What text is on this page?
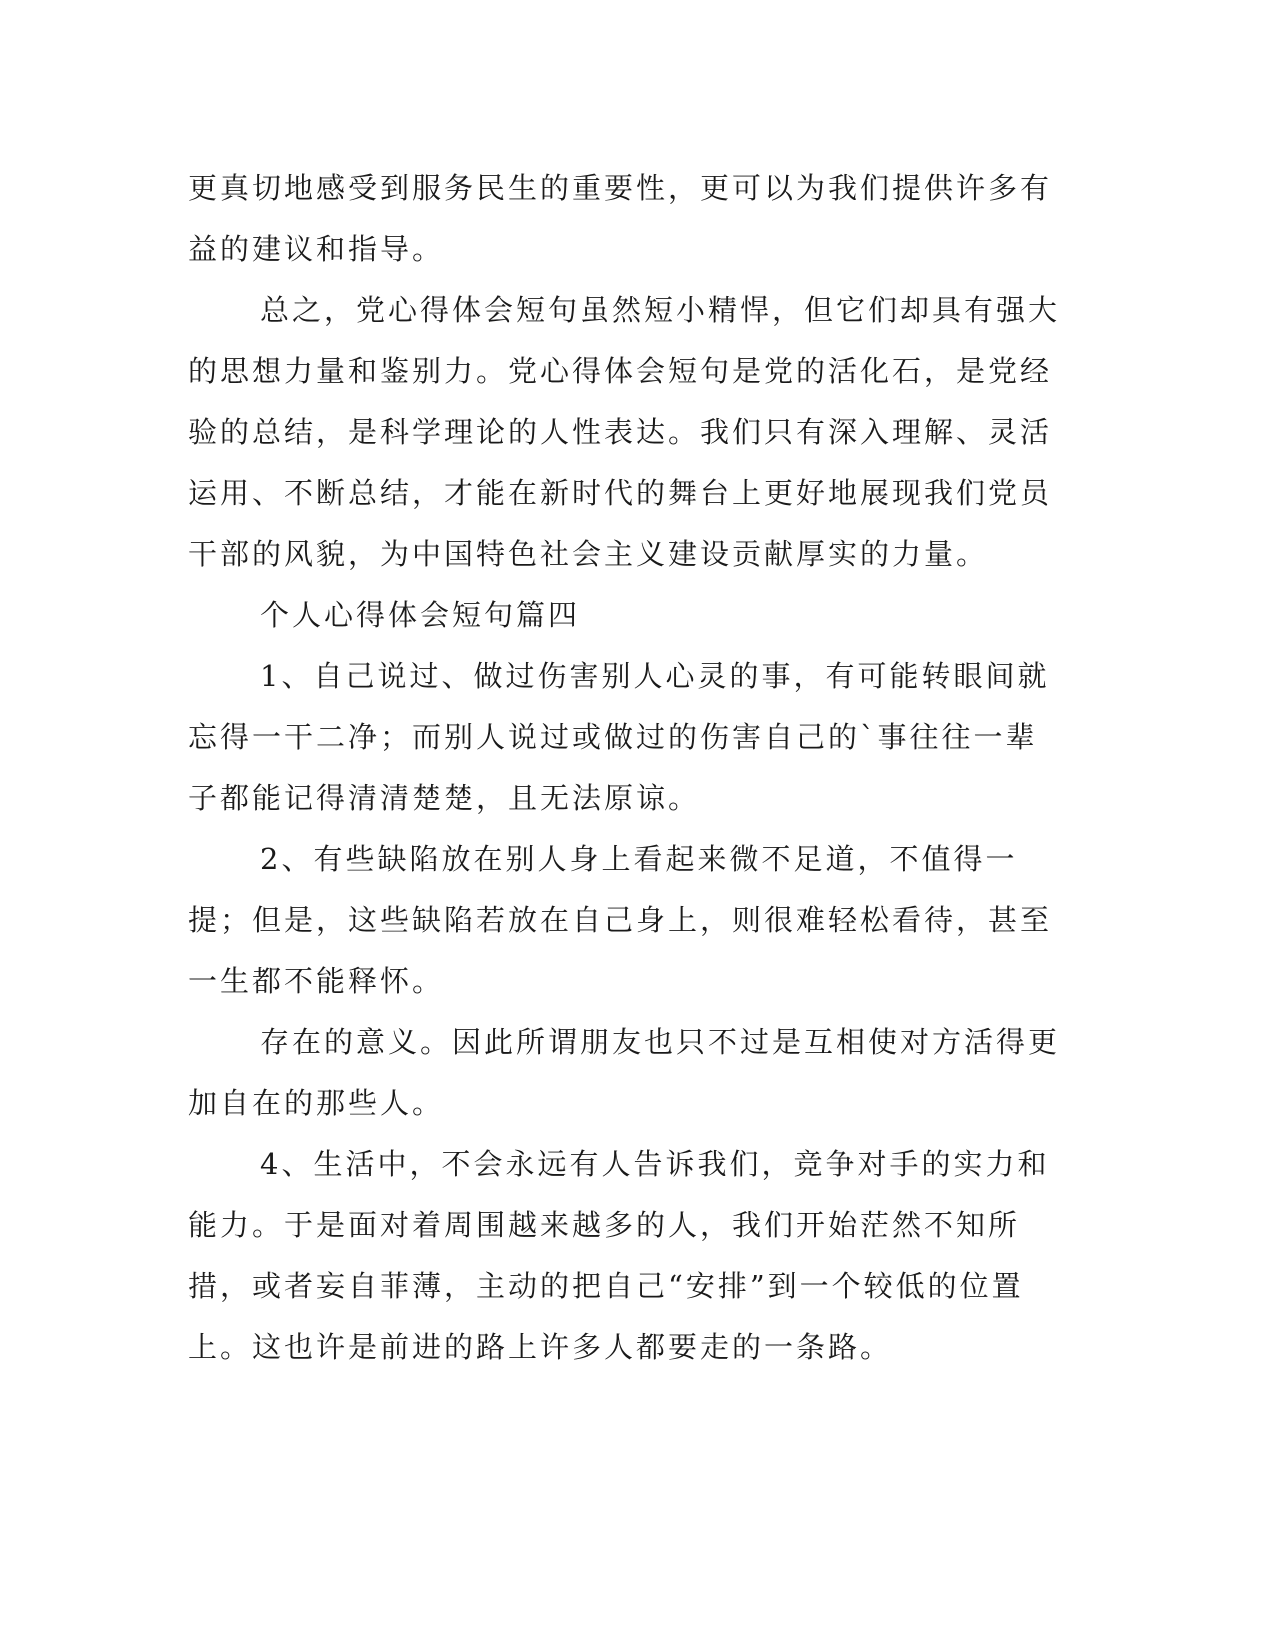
更真切地感受到服务民生的重要性，更可以为我们提供许多有益的建议和指导。

总之，党心得体会短句虽然短小精悍，但它们却具有强大的思想力量和鉴别力。党心得体会短句是党的活化石，是党经验的总结，是科学理论的人性表达。我们只有深入理解、灵活运用、不断总结，才能在新时代的舞台上更好地展现我们党员干部的风貌，为中国特色社会主义建设贡献厚实的力量。

个人心得体会短句篇四

1、自己说过、做过伤害别人心灵的事，有可能转眼间就忘得一干二净；而别人说过或做过的伤害自己的`事往往一辈子都能记得清清楚楚，且无法原谅。

2、有些缺陷放在别人身上看起来微不足道，不值得一提；但是，这些缺陷若放在自己身上，则很难轻松看待，甚至一生都不能释怀。

存在的意义。因此所谓朋友也只不过是互相使对方活得更加自在的那些人。

4、生活中，不会永远有人告诉我们，竞争对手的实力和能力。于是面对着周围越来越多的人，我们开始茫然不知所措，或者妄自菲薄，主动的把自己“安排”到一个较低的位置上。这也许是前进的路上许多人都要走的一条路。
